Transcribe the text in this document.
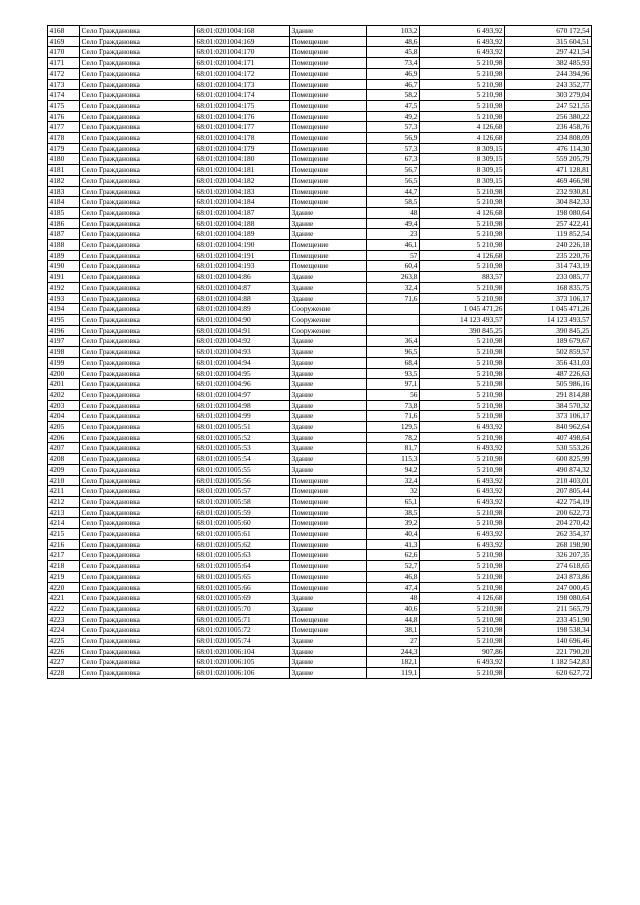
4168	Село Граждановка	68:01:0201004:168	Здание	103,2	6 493,92	670 172,54
4169	Село Граждановка	68:01:0201004:169	Помещение	48,6	6 493,92	315 604,51
4170	Село Граждановка	68:01:0201004:170	Помещение	45,8	6 493,92	297 421,54
4171	Село Граждановка	68:01:0201004:171	Помещение	73,4	5 210,98	382 485,93
4172	Село Граждановка	68:01:0201004:172	Помещение	46,9	5 210,98	244 394,96
4173	Село Граждановка	68:01:0201004:173	Помещение	46,7	5 210,98	243 352,77
4174	Село Граждановка	68:01:0201004:174	Помещение	58,2	5 210,98	303 279,04
4175	Село Граждановка	68:01:0201004:175	Помещение	47,5	5 210,98	247 521,55
4176	Село Граждановка	68:01:0201004:176	Помещение	49,2	5 210,98	256 380,22
4177	Село Граждановка	68:01:0201004:177	Помещение	57,3	4 126,68	236 458,76
4178	Село Граждановка	68:01:0201004:178	Помещение	56,9	4 126,68	234 808,09
4179	Село Граждановка	68:01:0201004:179	Помещение	57,3	8 309,15	476 114,30
4180	Село Граждановка	68:01:0201004:180	Помещение	67,3	8 309,15	559 205,79
4181	Село Граждановка	68:01:0201004:181	Помещение	56,7	8 309,15	471 128,81
4182	Село Граждановка	68:01:0201004:182	Помещение	56,5	8 309,15	469 466,98
4183	Село Граждановка	68:01:0201004:183	Помещение	44,7	5 210,98	232 930,81
4184	Село Граждановка	68:01:0201004:184	Помещение	58,5	5 210,98	304 842,33
4185	Село Граждановка	68:01:0201004:187	Здание	48	4 126,68	198 080,64
4186	Село Граждановка	68:01:0201004:188	Здание	49,4	5 210,98	257 422,41
4187	Село Граждановка	68:01:0201004:189	Здание	23	5 210,98	119 852,54
4188	Село Граждановка	68:01:0201004:190	Помещение	46,1	5 210,98	240 226,18
4189	Село Граждановка	68:01:0201004:191	Помещение	57	4 126,68	235 220,76
4190	Село Граждановка	68:01:0201004:193	Помещение	60,4	5 210,98	314 743,19
4191	Село Граждановка	68:01:0201004:86	Здание	263,8	883,57	233 085,77
4192	Село Граждановка	68:01:0201004:87	Здание	32,4	5 210,98	168 835,75
4193	Село Граждановка	68:01:0201004:88	Здание	71,6	5 210,98	373 106,17
4194	Село Граждановка	68:01:0201004:89	Сооружение		1 045 471,26	1 045 471,26
4195	Село Граждановка	68:01:0201004:90	Сооружение		14 123 493,57	14 123 493,57
4196	Село Граждановка	68:01:0201004:91	Сооружение		390 845,25	390 845,25
4197	Село Граждановка	68:01:0201004:92	Здание	36,4	5 210,98	189 679,67
4198	Село Граждановка	68:01:0201004:93	Здание	96,5	5 210,98	502 859,57
4199	Село Граждановка	68:01:0201004:94	Здание	68,4	5 210,98	356 431,03
4200	Село Граждановка	68:01:0201004:95	Здание	93,5	5 210,98	487 226,63
4201	Село Граждановка	68:01:0201004:96	Здание	97,1	5 210,98	505 986,16
4202	Село Граждановка	68:01:0201004:97	Здание	56	5 210,98	291 814,88
4203	Село Граждановка	68:01:0201004:98	Здание	73,8	5 210,98	384 570,32
4204	Село Граждановка	68:01:0201004:99	Здание	71,6	5 210,98	373 106,17
4205	Село Граждановка	68:01:0201005:51	Здание	129,5	6 493,92	840 962,64
4206	Село Граждановка	68:01:0201005:52	Здание	78,2	5 210,98	407 498,64
4207	Село Граждановка	68:01:0201005:53	Здание	81,7	6 493,92	530 553,26
4208	Село Граждановка	68:01:0201005:54	Здание	115,3	5 210,98	600 825,99
4209	Село Граждановка	68:01:0201005:55	Здание	94,2	5 210,98	490 874,32
4210	Село Граждановка	68:01:0201005:56	Помещение	32,4	6 493,92	210 403,01
4211	Село Граждановка	68:01:0201005:57	Помещение	32	6 493,92	207 805,44
4212	Село Граждановка	68:01:0201005:58	Помещение	65,1	6 493,92	422 754,19
4213	Село Граждановка	68:01:0201005:59	Помещение	38,5	5 210,98	200 622,73
4214	Село Граждановка	68:01:0201005:60	Помещение	39,2	5 210,98	204 270,42
4215	Село Граждановка	68:01:0201005:61	Помещение	40,4	6 493,92	262 354,37
4216	Село Граждановка	68:01:0201005:62	Помещение	41,3	6 493,92	268 198,90
4217	Село Граждановка	68:01:0201005:63	Помещение	62,6	5 210,98	326 207,35
4218	Село Граждановка	68:01:0201005:64	Помещение	52,7	5 210,98	274 618,65
4219	Село Граждановка	68:01:0201005:65	Помещение	46,8	5 210,98	243 873,86
4220	Село Граждановка	68:01:0201005:66	Помещение	47,4	5 210,98	247 000,45
4221	Село Граждановка	68:01:0201005:69	Здание	48	4 126,68	198 080,64
4222	Село Граждановка	68:01:0201005:70	Здание	40,6	5 210,98	211 565,79
4223	Село Граждановка	68:01:0201005:71	Помещение	44,8	5 210,98	233 451,90
4224	Село Граждановка	68:01:0201005:72	Помещение	38,1	5 210,98	198 538,34
4225	Село Граждановка	68:01:0201005:74	Здание	27	5 210,98	140 696,46
4226	Село Граждановка	68:01:0201006:104	Здание	244,3	907,86	221 790,20
4227	Село Граждановка	68:01:0201006:105	Здание	182,1	6 493,92	1 182 542,83
4228	Село Граждановка	68:01:0201006:106	Здание	119,1	5 210,98	620 627,72
